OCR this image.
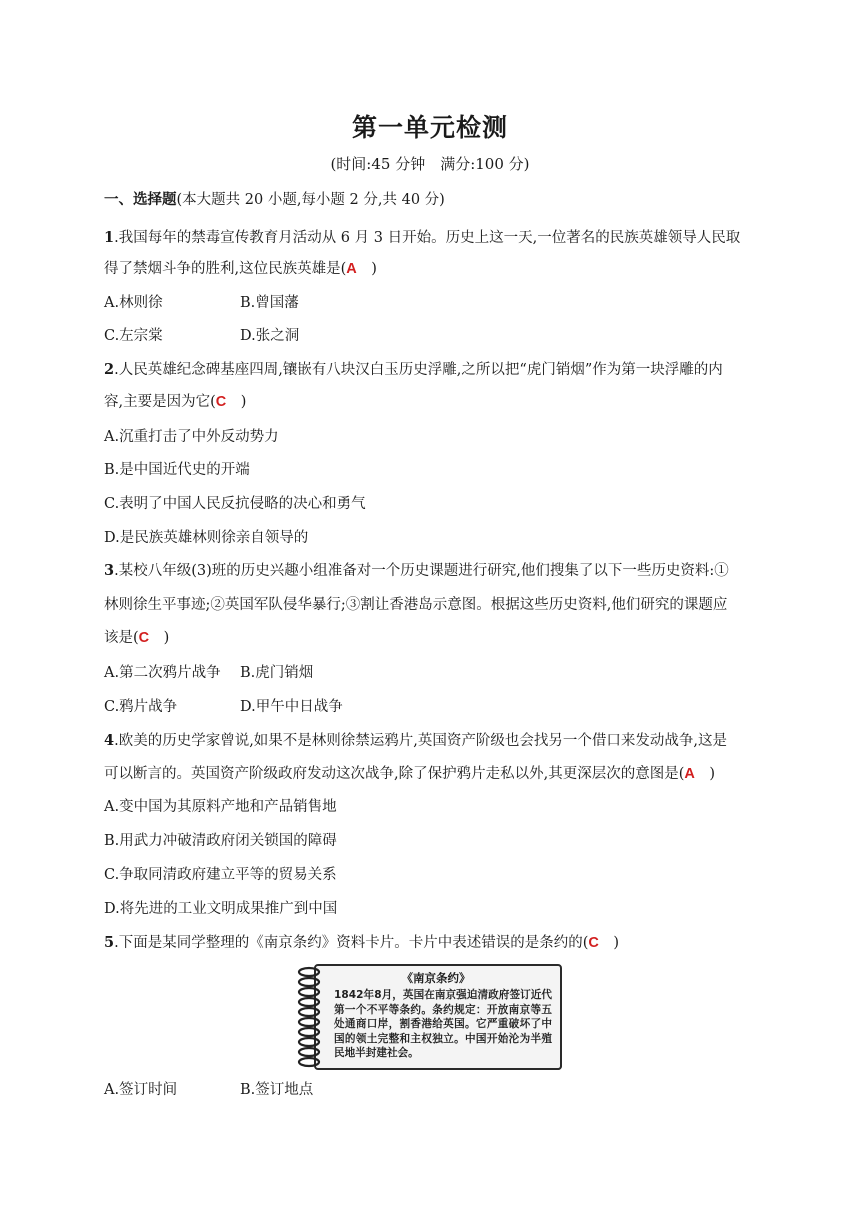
第一单元检测
(时间:45 分钟　满分:100 分)
一、选择题(本大题共 20 小题,每小题 2 分,共 40 分)
1.我国每年的禁毒宣传教育月活动从 6 月 3 日开始。历史上这一天,一位著名的民族英雄领导人民取
得了禁烟斗争的胜利,这位民族英雄是(A　)
A.林则徐	B.曾国藩
C.左宗棠	D.张之洞
2.人民英雄纪念碑基座四周,镶嵌有八块汉白玉历史浮雕,之所以把“虎门销烟”作为第一块浮雕的内
容,主要是因为它(C　)
A.沉重打击了中外反动势力
B.是中国近代史的开端
C.表明了中国人民反抗侵略的决心和勇气
D.是民族英雄林则徐亲自领导的
3.某校八年级(3)班的历史兴趣小组准备对一个历史课题进行研究,他们搜集了以下一些历史资料:①
林则徐生平事迹;②英国军队侵华暴行;③割让香港岛示意图。根据这些历史资料,他们研究的课题应
该是(C　)
A.第二次鸦片战争 B.虎门销烟
C.鸦片战争	D.甲午中日战争
4.欧美的历史学家曾说,如果不是林则徐禁运鸦片,英国资产阶级也会找另一个借口来发动战争,这是
可以断言的。英国资产阶级政府发动这次战争,除了保护鸦片走私以外,其更深层次的意图是(A　)
A.变中国为其原料产地和产品销售地
B.用武力冲破清政府闭关锁国的障碍
C.争取同清政府建立平等的贸易关系
D.将先进的工业文明成果推广到中国
5.下面是某同学整理的《南京条约》资料卡片。卡片中表述错误的是条约的(C　)
《南京条约》
1842年8月，英国在南京强迫清政府签订近代第一个不平等条约。条约规定：开放南京等五处通商口岸，割香港给英国。它严重破坏了中国的领土完整和主权独立。中国开始沦为半殖民地半封建社会。
A.签订时间	B.签订地点
